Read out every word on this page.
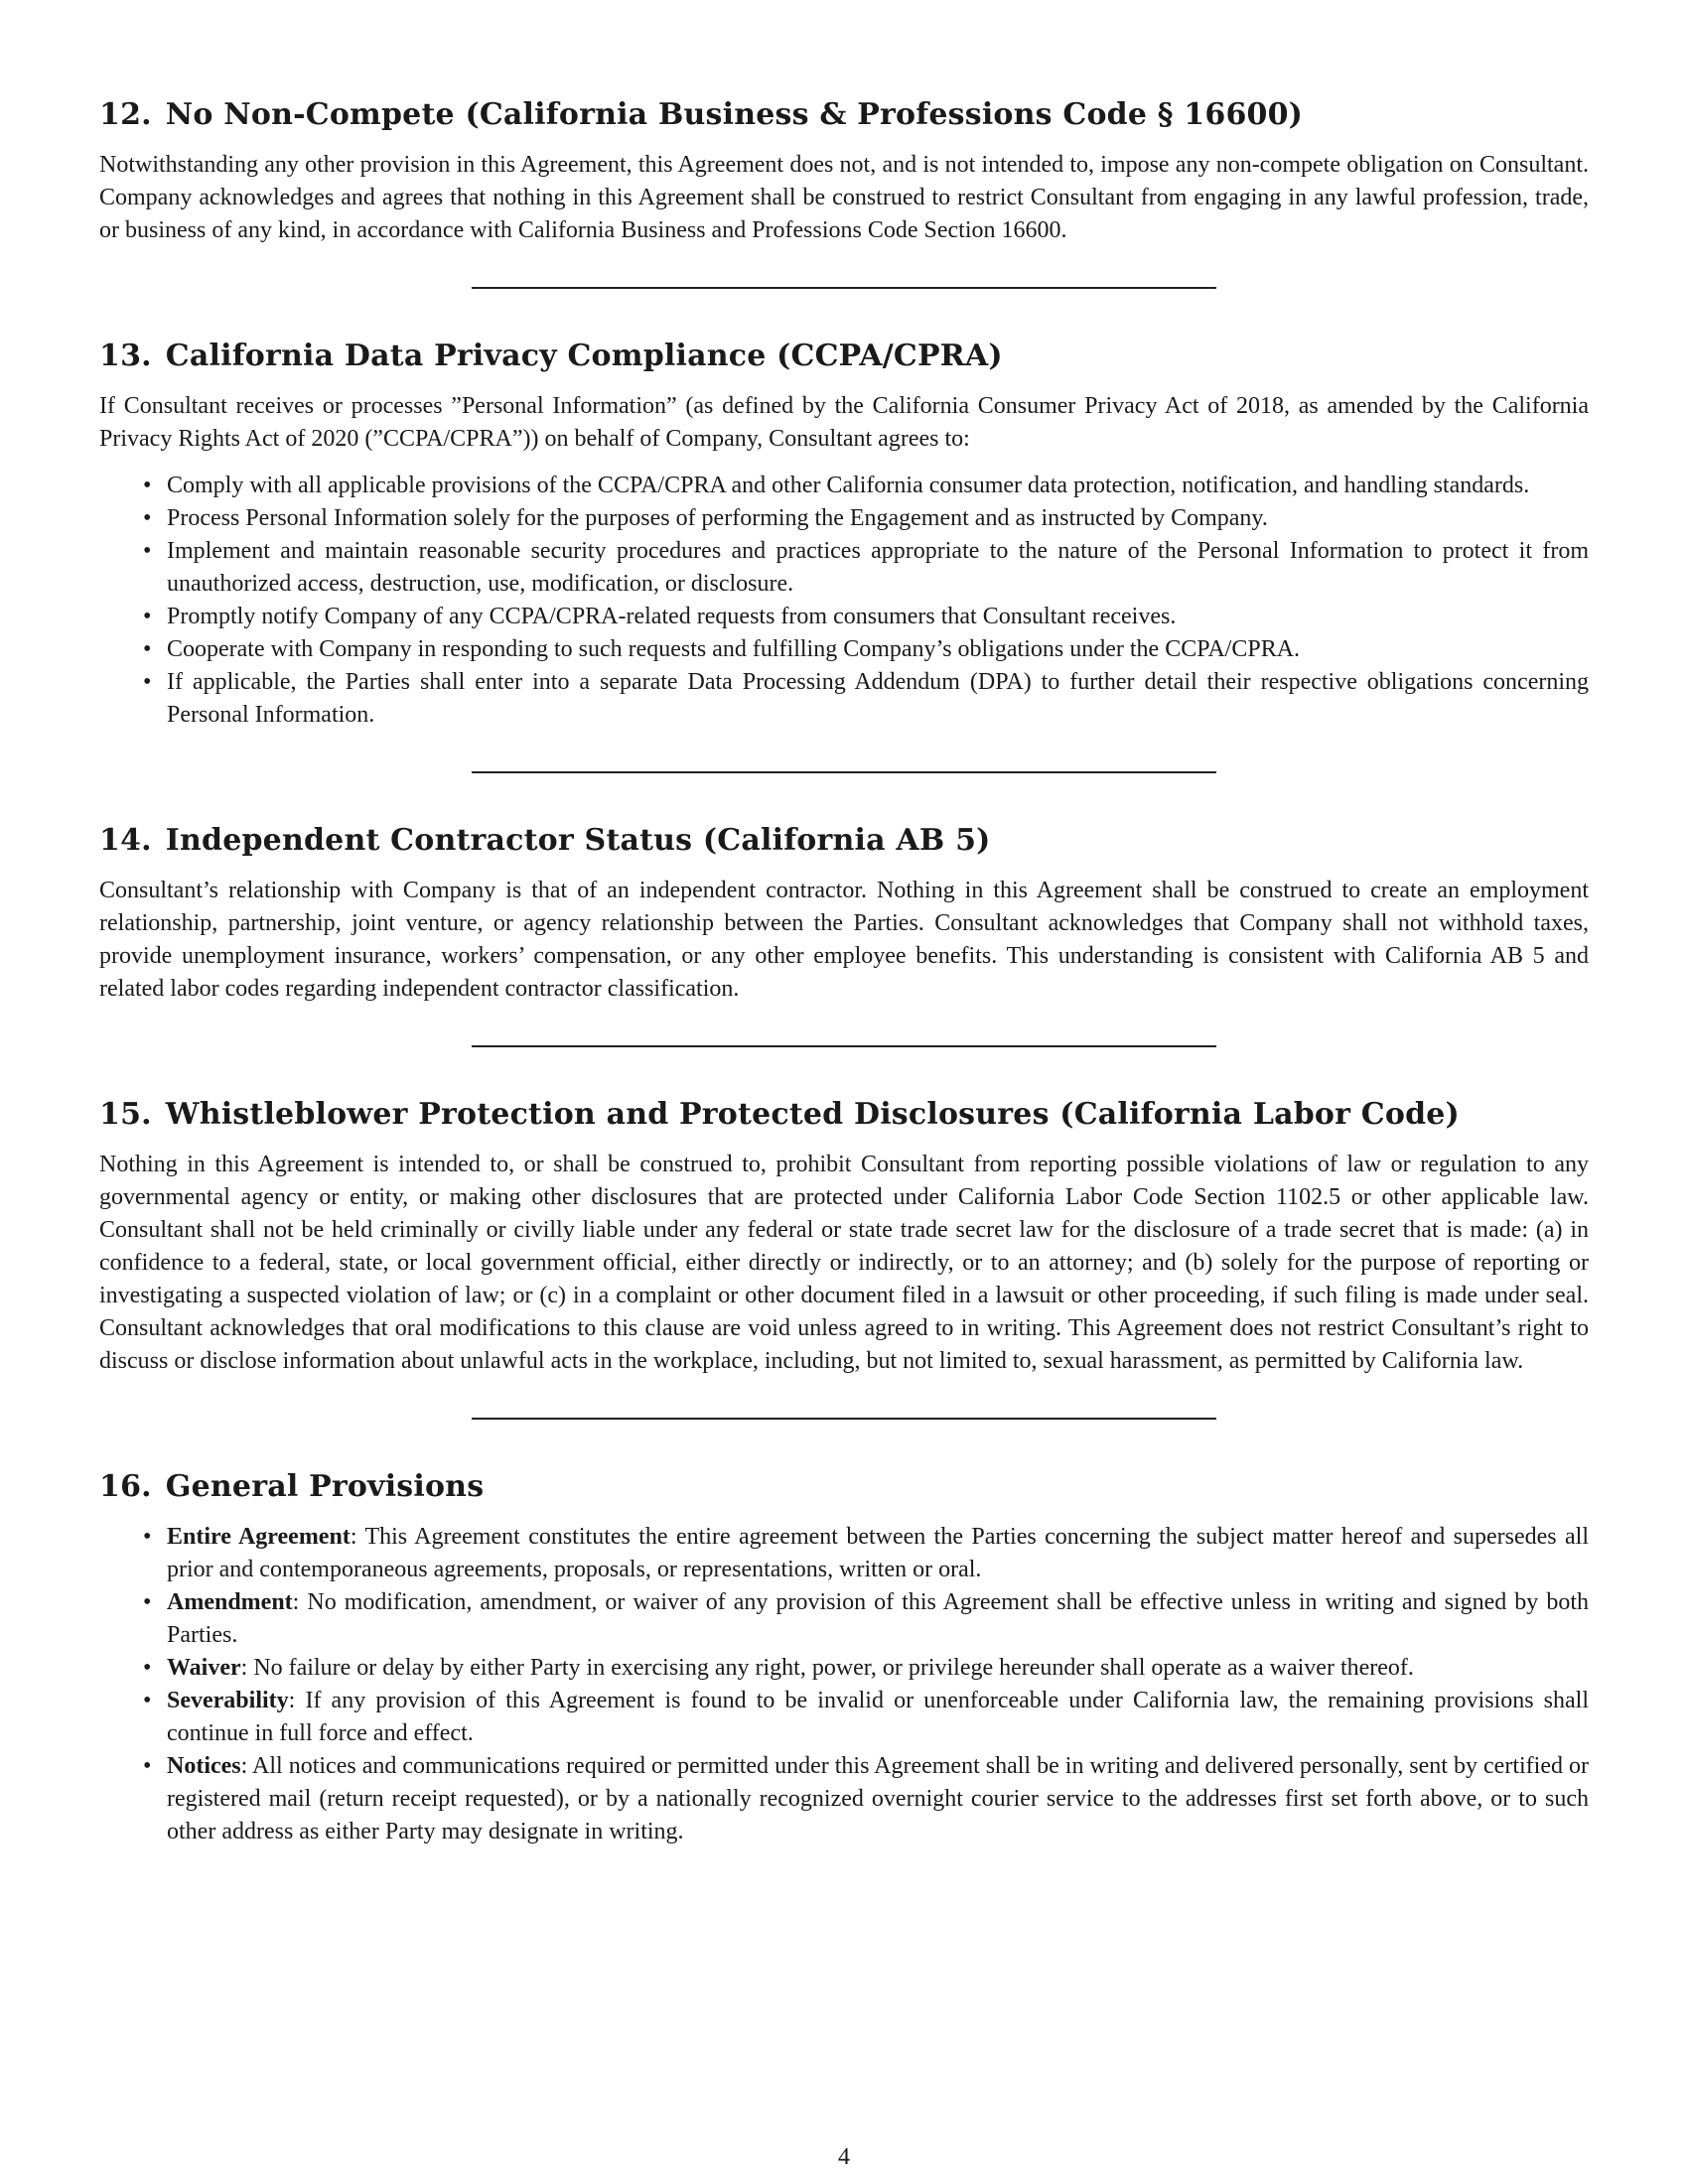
12. No Non-Compete (California Business & Professions Code § 16600)

Notwithstanding any other provision in this Agreement, this Agreement does not, and is not intended to, impose any non-compete obligation on Consultant. Company acknowledges and agrees that nothing in this Agreement shall be construed to restrict Consultant from engaging in any lawful profession, trade, or business of any kind, in accordance with California Business and Professions Code Section 16600.

13. California Data Privacy Compliance (CCPA/CPRA)

If Consultant receives or processes ”Personal Information” (as defined by the California Consumer Privacy Act of 2018, as amended by the California Privacy Rights Act of 2020 (”CCPA/CPRA”)) on behalf of Company, Consultant agrees to:

• Comply with all applicable provisions of the CCPA/CPRA and other California consumer data protection, notification, and handling standards.
• Process Personal Information solely for the purposes of performing the Engagement and as instructed by Company.
• Implement and maintain reasonable security procedures and practices appropriate to the nature of the Personal Information to protect it from unauthorized access, destruction, use, modification, or disclosure.
• Promptly notify Company of any CCPA/CPRA-related requests from consumers that Consultant receives.
• Cooperate with Company in responding to such requests and fulfilling Company’s obligations under the CCPA/CPRA.
• If applicable, the Parties shall enter into a separate Data Processing Addendum (DPA) to further detail their respective obligations concerning Personal Information.
14. Independent Contractor Status (California AB 5)

Consultant’s relationship with Company is that of an independent contractor. Nothing in this Agreement shall be construed to create an employment relationship, partnership, joint venture, or agency relationship between the Parties. Consultant acknowledges that Company shall not withhold taxes, provide unemployment insurance, workers’ compensation, or any other employee benefits. This understanding is consistent with California AB 5 and related labor codes regarding independent contractor classification.

15. Whistleblower Protection and Protected Disclosures (California Labor Code)

Nothing in this Agreement is intended to, or shall be construed to, prohibit Consultant from reporting possible violations of law or regulation to any governmental agency or entity, or making other disclosures that are protected under California Labor Code Section 1102.5 or other applicable law. Consultant shall not be held criminally or civilly liable under any federal or state trade secret law for the disclosure of a trade secret that is made: (a) in confidence to a federal, state, or local government official, either directly or indirectly, or to an attorney; and (b) solely for the purpose of reporting or investigating a suspected violation of law; or (c) in a complaint or other document filed in a lawsuit or other proceeding, if such filing is made under seal. Consultant acknowledges that oral modifications to this clause are void unless agreed to in writing. This Agreement does not restrict Consultant’s right to discuss or disclose information about unlawful acts in the workplace, including, but not limited to, sexual harassment, as permitted by California law.

16. General Provisions
• Entire Agreement: This Agreement constitutes the entire agreement between the Parties concerning the subject matter hereof and supersedes all prior and contemporaneous agreements, proposals, or representations, written or oral.
• Amendment: No modification, amendment, or waiver of any provision of this Agreement shall be effective unless in writing and signed by both Parties.
• Waiver: No failure or delay by either Party in exercising any right, power, or privilege hereunder shall operate as a waiver thereof.
• Severability: If any provision of this Agreement is found to be invalid or unenforceable under California law, the remaining provisions shall continue in full force and effect.
• Notices: All notices and communications required or permitted under this Agreement shall be in writing and delivered personally, sent by certified or registered mail (return receipt requested), or by a nationally recognized overnight courier service to the addresses first set forth above, or to such other address as either Party may designate in writing.
4
